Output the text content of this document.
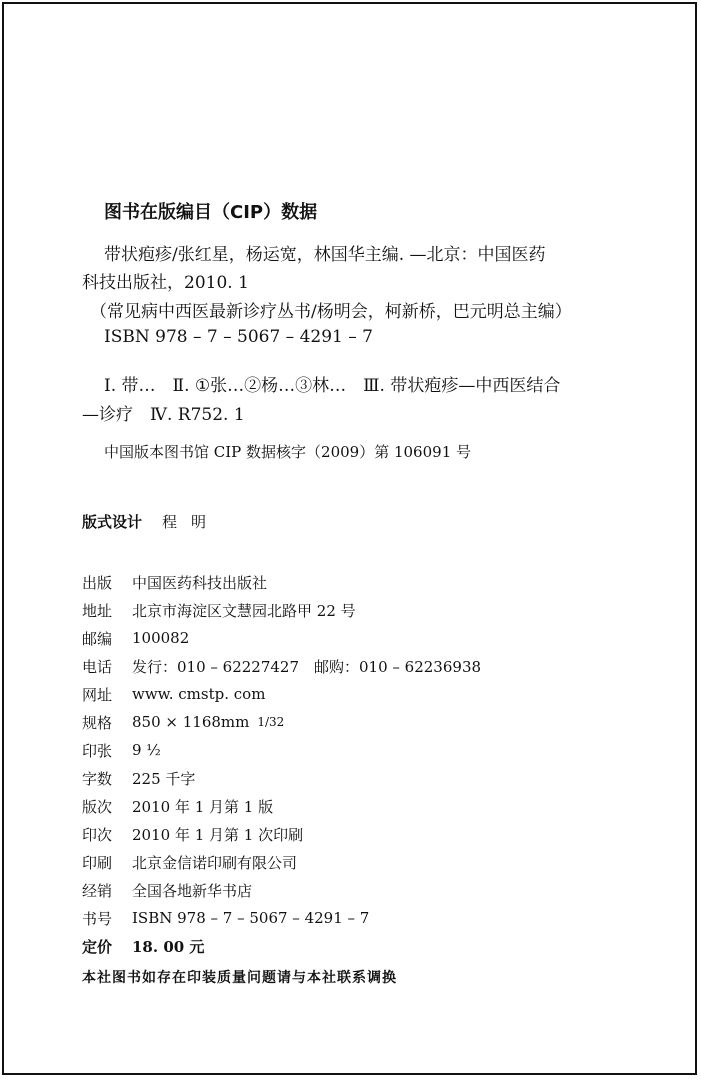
图书在版编目（CIP）数据
带状疱疹/张红星，杨运宽，林国华主编. —北京：中国医药
科技出版社，2010. 1
（常见病中西医最新诊疗丛书/杨明会，柯新桥，巴元明总主编）
ISBN 978 – 7 – 5067 – 4291 – 7
Ⅰ. 带…　Ⅱ. ①张…②杨…③林…　Ⅲ. 带状疱疹—中西医结合
—诊疗　Ⅳ. R752. 1
中国版本图书馆 CIP 数据核字（2009）第 106091 号
版式设计 程明
出版	中国医药科技出版社
地址	北京市海淀区文慧园北路甲 22 号
邮编	100082
电话	发行：010 – 62227427　邮购：010 – 62236938
网址	www. cmstp. com
规格	850 × 1168mm 1/32
印张	9 ½
字数	225 千字
版次	2010 年 1 月第 1 版
印次	2010 年 1 月第 1 次印刷
印刷	北京金信诺印刷有限公司
经销	全国各地新华书店
书号	ISBN 978 – 7 – 5067 – 4291 – 7
定价	18. 00 元
本社图书如存在印装质量问题请与本社联系调换
